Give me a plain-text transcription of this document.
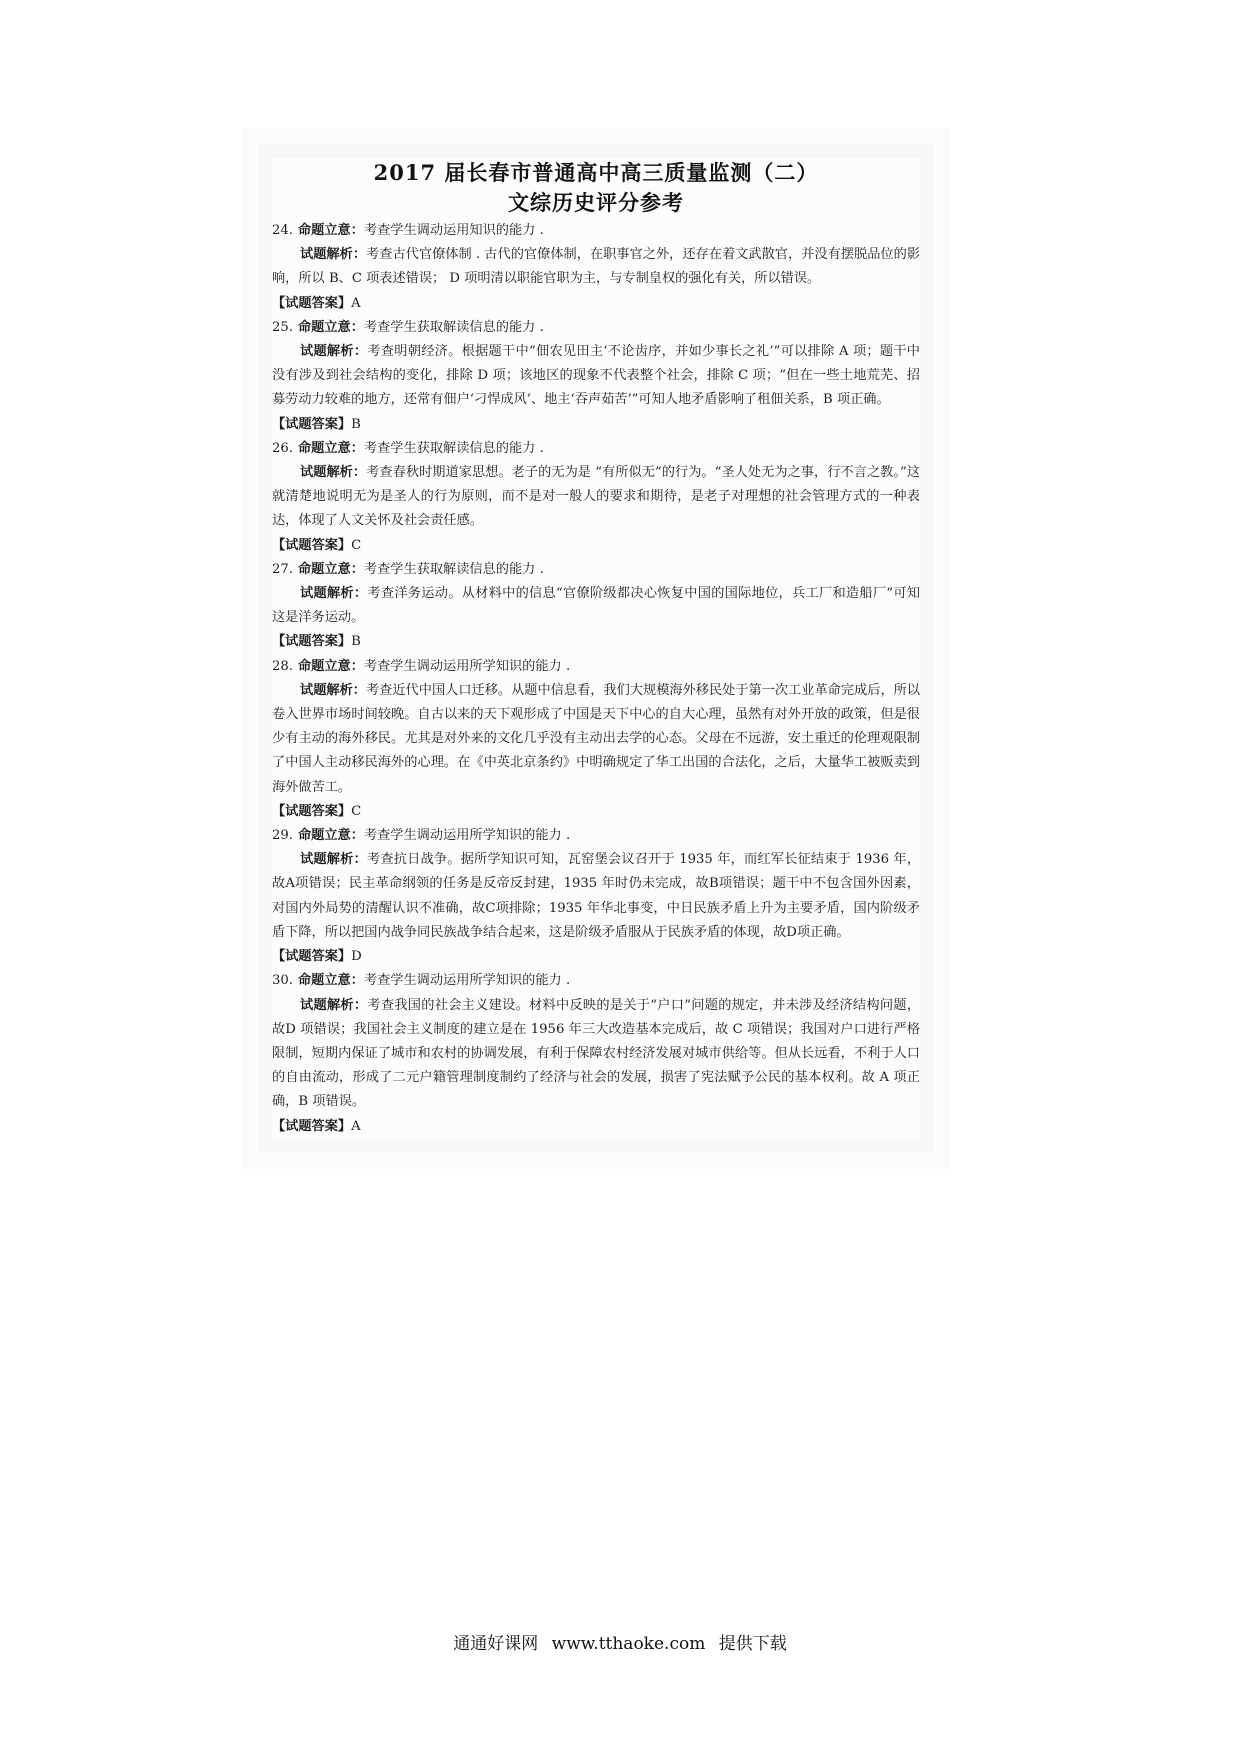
2017 届长春市普通高中高三质量监测（二）
文综历史评分参考

24. 命题立意：考查学生调动运用知识的能力 .

试题解析：考查古代官僚体制 . 古代的官僚体制，在职事官之外，还存在着文武散官，并没有摆脱品位的影响，所以 B、C 项表述错误； D 项明清以职能官职为主，与专制皇权的强化有关，所以错误。

【试题答案】A

25. 命题立意：考查学生获取解读信息的能力 .

试题解析：考查明朝经济。根据题干中“佃农见田主‘不论齿序，并如少事长之礼’”可以排除 A 项；题干中没有涉及到社会结构的变化，排除 D 项；该地区的现象不代表整个社会，排除 C 项；“但在一些土地荒芜、招募劳动力较难的地方，还常有佃户‘刁悍成风’、地主‘吞声茹苦’”可知人地矛盾影响了租佃关系，B 项正确。

【试题答案】B

26. 命题立意：考查学生获取解读信息的能力 .

试题解析：考查春秋时期道家思想。老子的无为是 “有所似无”的行为。“圣人处无为之事，行不言之教。”这就清楚地说明无为是圣人的行为原则，而不是对一般人的要求和期待，是老子对理想的社会管理方式的一种表达，体现了人文关怀及社会责任感。

【试题答案】C

27. 命题立意：考查学生获取解读信息的能力 .

试题解析：考查洋务运动。从材料中的信息“官僚阶级都决心恢复中国的国际地位，兵工厂和造船厂”可知这是洋务运动。

【试题答案】B

28. 命题立意：考查学生调动运用所学知识的能力 .

试题解析：考查近代中国人口迁移。从题中信息看，我们大规模海外移民处于第一次工业革命完成后，所以卷入世界市场时间较晚。自古以来的天下观形成了中国是天下中心的自大心理，虽然有对外开放的政策，但是很少有主动的海外移民。尤其是对外来的文化几乎没有主动出去学的心态。父母在不远游，安土重迁的伦理观限制了中国人主动移民海外的心理。在《中英北京条约》中明确规定了华工出国的合法化，之后，大量华工被贩卖到海外做苦工。

【试题答案】C

29. 命题立意：考查学生调动运用所学知识的能力 .

试题解析：考查抗日战争。据所学知识可知，瓦窑堡会议召开于 1935 年，而红军长征结束于 1936 年，故A项错误；民主革命纲领的任务是反帝反封建，1935 年时仍未完成，故B项错误；题干中不包含国外因素，对国内外局势的清醒认识不准确，故C项排除；1935 年华北事变，中日民族矛盾上升为主要矛盾，国内阶级矛盾下降，所以把国内战争同民族战争结合起来，这是阶级矛盾服从于民族矛盾的体现，故D项正确。

【试题答案】D

30. 命题立意：考查学生调动运用所学知识的能力 .

试题解析：考查我国的社会主义建设。材料中反映的是关于“户口”问题的规定，并未涉及经济结构问题，故D 项错误；我国社会主义制度的建立是在 1956 年三大改造基本完成后，故 C 项错误；我国对户口进行严格限制，短期内保证了城市和农村的协调发展，有利于保障农村经济发展对城市供给等。但从长远看，不利于人口的自由流动，形成了二元户籍管理制度制约了经济与社会的发展，损害了宪法赋予公民的基本权利。故 A 项正确，B 项错误。

【试题答案】A

通通好课网 www.tthaoke.com 提供下载
